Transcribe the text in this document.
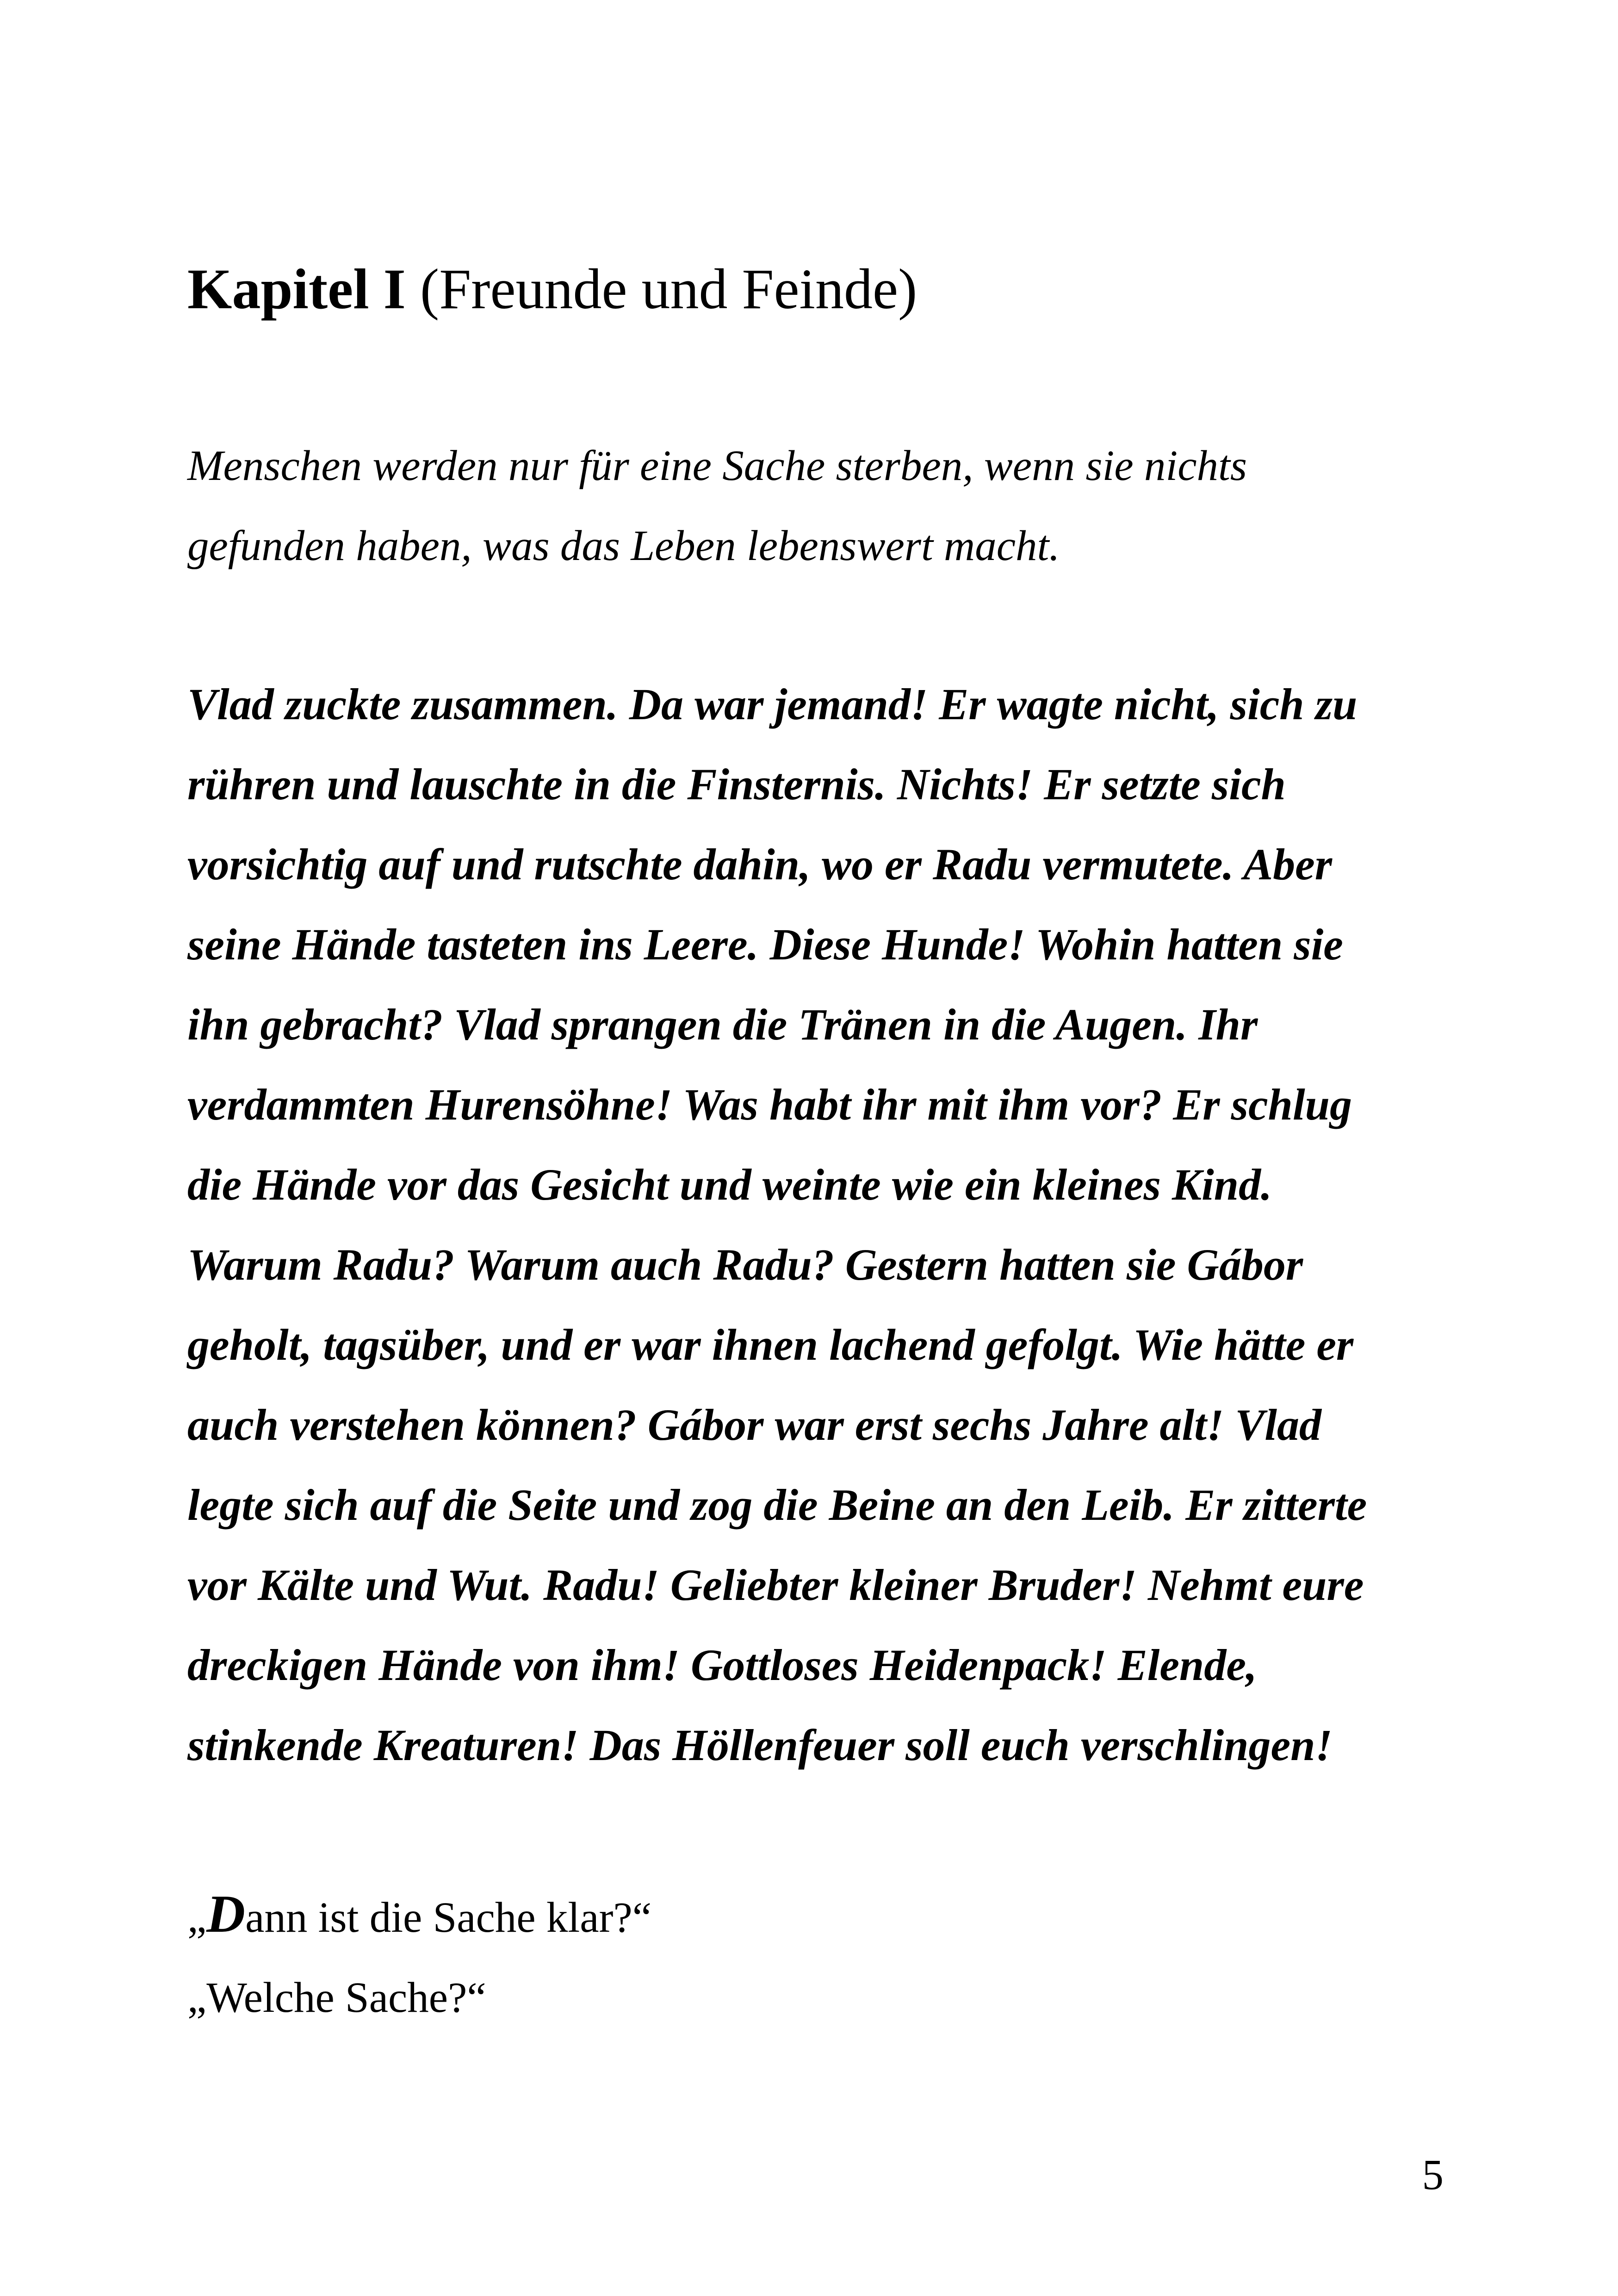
Kapitel I (Freunde und Feinde)

Menschen werden nur für eine Sache sterben, wenn sie nichts
gefunden haben, was das Leben lebenswert macht.

Vlad zuckte zusammen. Da war jemand! Er wagte nicht, sich zu
rühren und lauschte in die Finsternis. Nichts! Er setzte sich
vorsichtig auf und rutschte dahin, wo er Radu vermutete. Aber
seine Hände tasteten ins Leere. Diese Hunde! Wohin hatten sie
ihn gebracht? Vlad sprangen die Tränen in die Augen. Ihr
verdammten Hurensöhne! Was habt ihr mit ihm vor? Er schlug
die Hände vor das Gesicht und weinte wie ein kleines Kind.
Warum Radu? Warum auch Radu? Gestern hatten sie Gábor
geholt, tagsüber, und er war ihnen lachend gefolgt. Wie hätte er
auch verstehen können? Gábor war erst sechs Jahre alt! Vlad
legte sich auf die Seite und zog die Beine an den Leib. Er zitterte
vor Kälte und Wut. Radu! Geliebter kleiner Bruder! Nehmt eure
dreckigen Hände von ihm! Gottloses Heidenpack! Elende,
stinkende Kreaturen! Das Höllenfeuer soll euch verschlingen!

„Dann ist die Sache klar?“
„Welche Sache?“

5
